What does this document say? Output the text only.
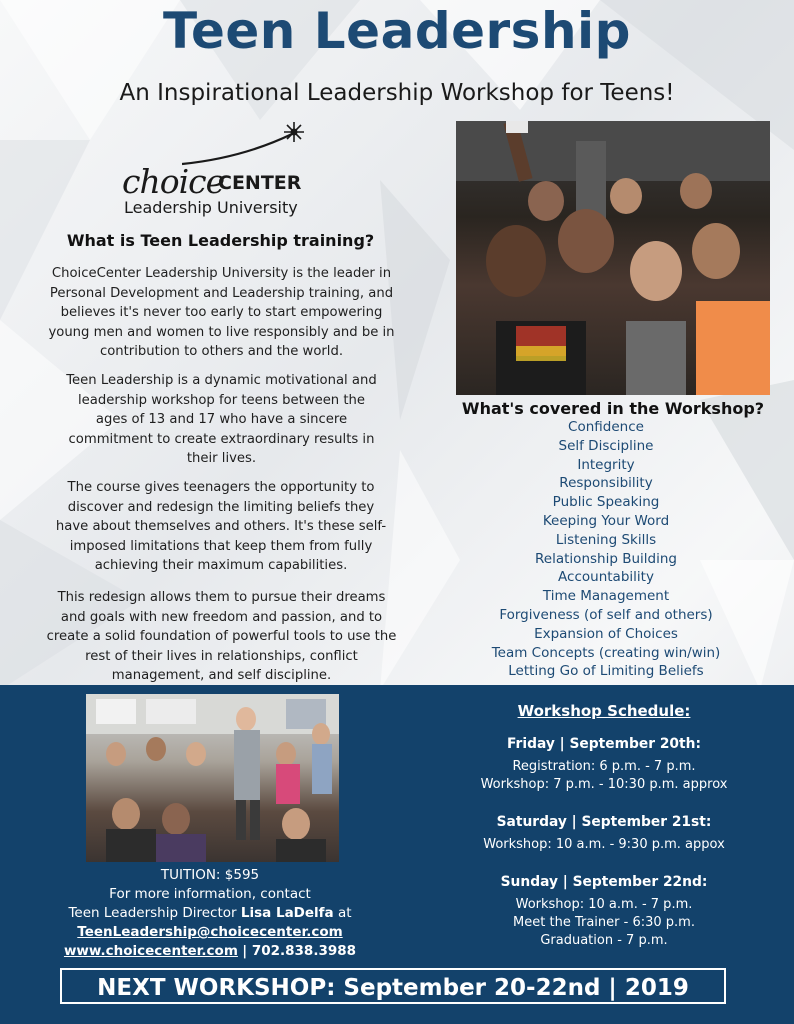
Teen Leadership
An Inspirational Leadership Workshop for Teens!
choice
CENTER
Leadership University
What is Teen Leadership training?
ChoiceCenter Leadership University is the leader in Personal Development and Leadership training, and believes it's never too early to start empowering young men and women to live responsibly and be in contribution to others and the world.
Teen Leadership is a dynamic motivational and leadership workshop for teens between the ages of 13 and 17 who have a sincere commitment to create extraordinary results in their lives.
The course gives teenagers the opportunity to discover and redesign the limiting beliefs they have about themselves and others. It's these self-imposed limitations that keep them from fully achieving their maximum capabilities.
This redesign allows them to pursue their dreams and goals with new freedom and passion, and to create a solid foundation of powerful tools to use the rest of their lives in relationships, conflict management, and self discipline.
What's covered in the Workshop?
Confidence
Self Discipline
Integrity
Responsibility
Public Speaking
Keeping Your Word
Listening Skills
Relationship Building
Accountability
Time Management
Forgiveness (of self and others)
Expansion of Choices
Team Concepts (creating win/win)
Letting Go of Limiting Beliefs
TUITION: $595
For more information, contact
Teen Leadership Director Lisa LaDelfa at
TeenLeadership@choicecenter.com
www.choicecenter.com | 702.838.3988
Workshop Schedule:
Friday | September 20th:
Registration: 6 p.m. - 7 p.m.
Workshop: 7 p.m. - 10:30 p.m. approx
Saturday | September 21st:
Workshop: 10 a.m. - 9:30 p.m. appox
Sunday | September 22nd:
Workshop: 10 a.m. - 7 p.m.
Meet the Trainer - 6:30 p.m.
Graduation - 7 p.m.
NEXT WORKSHOP: September 20-22nd | 2019
